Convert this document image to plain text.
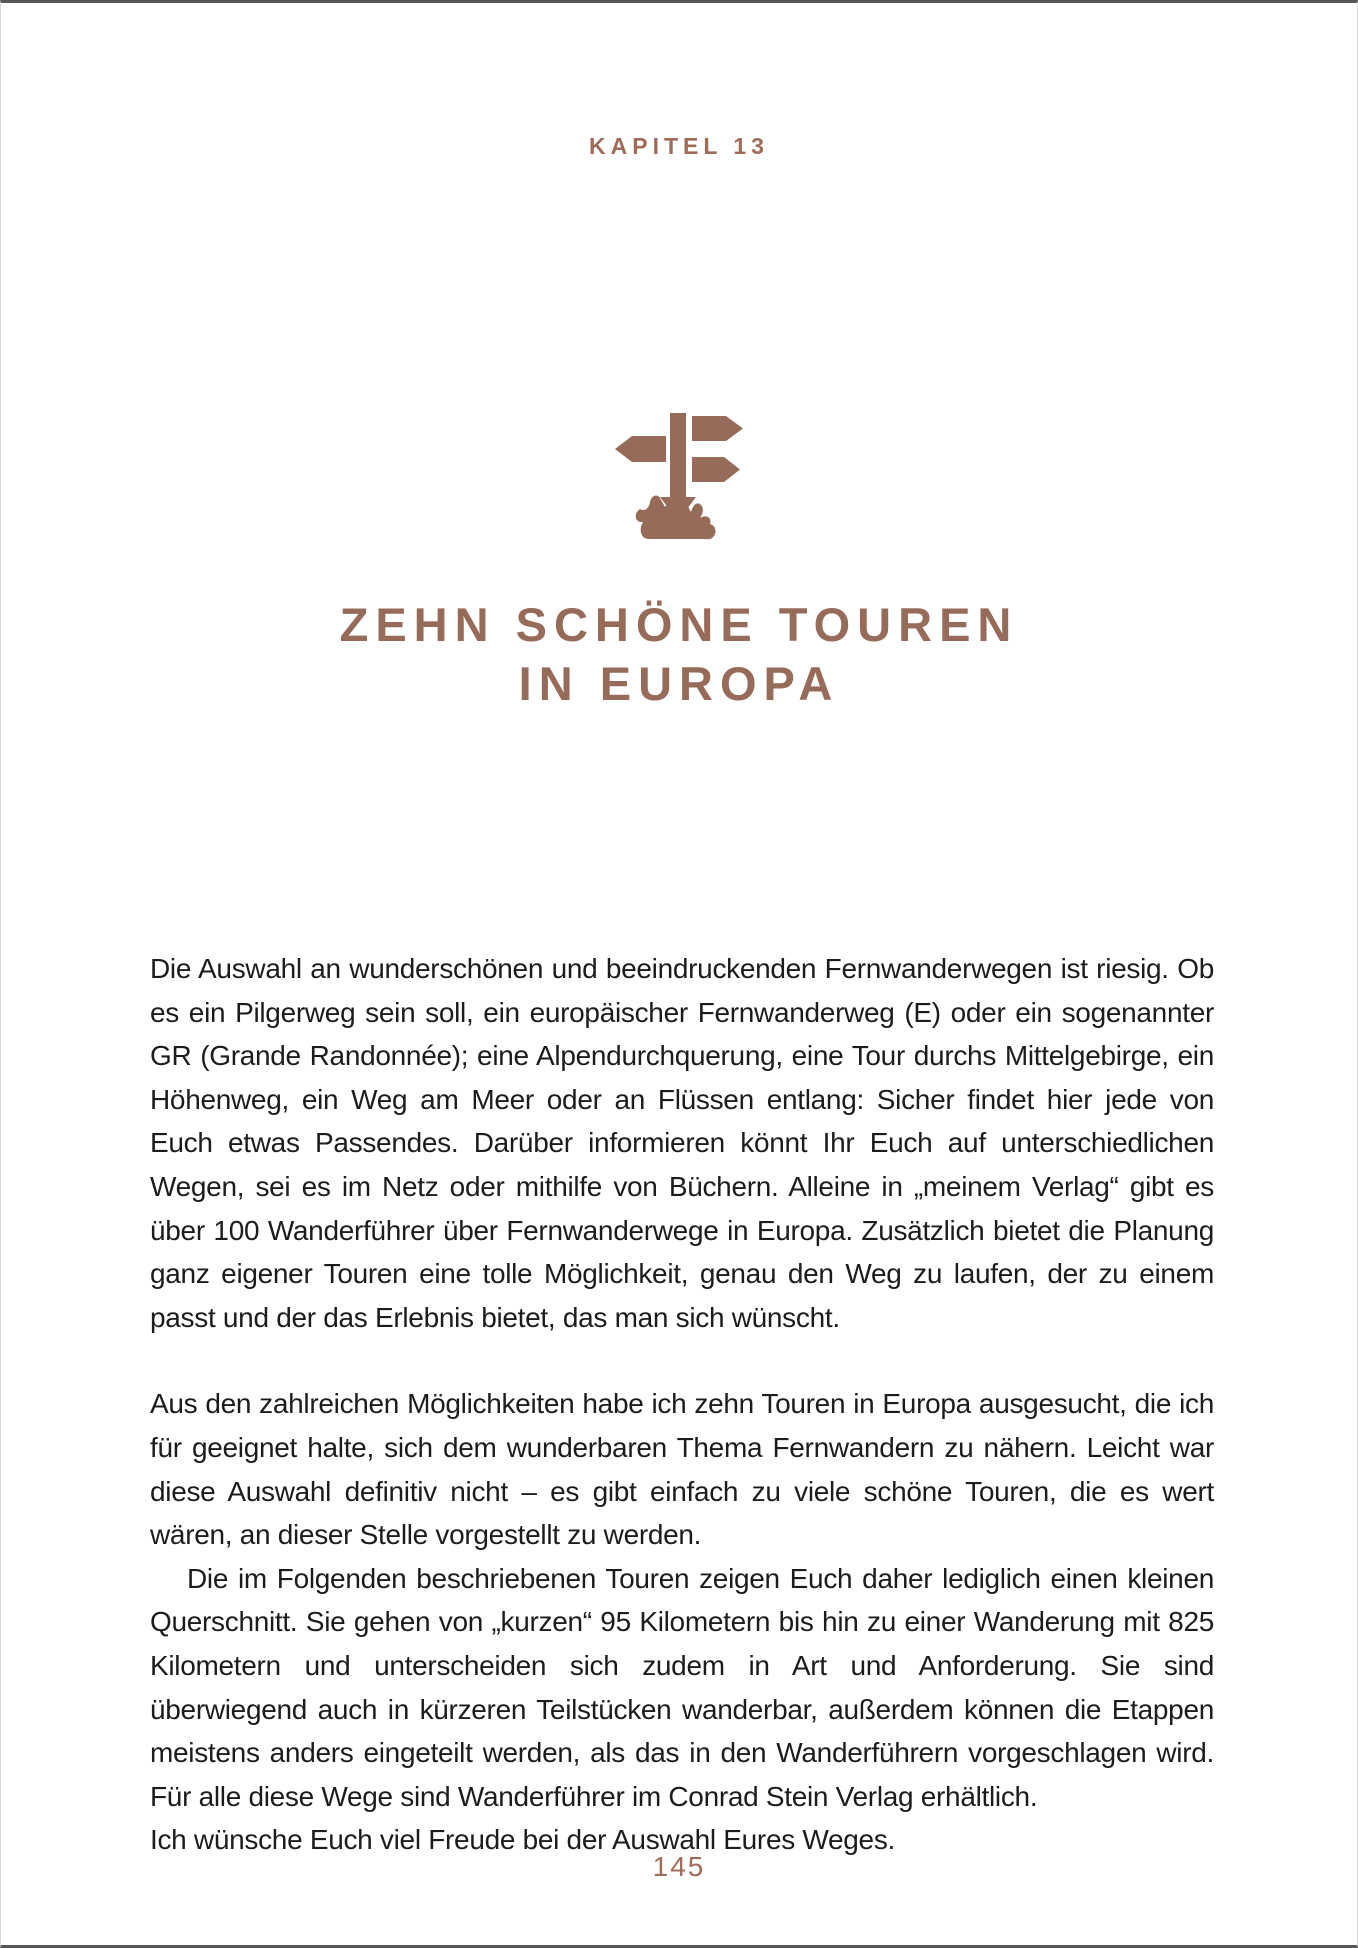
KAPITEL 13
ZEHN SCHÖNE TOUREN
IN EUROPA

Die Auswahl an wunderschönen und beeindruckenden Fernwanderwegen ist riesig. Ob es ein Pilgerweg sein soll, ein europäischer Fernwanderweg (E) oder ein sogenannter GR (Grande Randonnée); eine Alpendurchquerung, eine Tour durchs Mittelgebirge, ein Höhenweg, ein Weg am Meer oder an Flüssen entlang: Sicher findet hier jede von Euch etwas Passendes. Darüber informieren könnt Ihr Euch auf unterschiedlichen Wegen, sei es im Netz oder mithilfe von Büchern. Alleine in „meinem Verlag“ gibt es über 100 Wanderführer über Fernwanderwege in Europa. Zusätzlich bietet die Planung ganz eigener Touren eine tolle Möglichkeit, genau den Weg zu laufen, der zu einem passt und der das Erlebnis bietet, das man sich wünscht.

Aus den zahlreichen Möglichkeiten habe ich zehn Touren in Europa ausgesucht, die ich für geeignet halte, sich dem wunderbaren Thema Fernwandern zu nähern. Leicht war diese Auswahl definitiv nicht – es gibt einfach zu viele schöne Touren, die es wert wären, an dieser Stelle vorgestellt zu werden.

Die im Folgenden beschriebenen Touren zeigen Euch daher lediglich einen kleinen Querschnitt. Sie gehen von „kurzen“ 95 Kilometern bis hin zu einer Wanderung mit 825 Kilometern und unterscheiden sich zudem in Art und Anforderung. Sie sind überwiegend auch in kürzeren Teilstücken wanderbar, außerdem können die Etappen meistens anders eingeteilt werden, als das in den Wanderführern vorgeschlagen wird. Für alle diese Wege sind Wanderführer im Conrad Stein Verlag erhältlich.

Ich wünsche Euch viel Freude bei der Auswahl Eures Weges.

145
